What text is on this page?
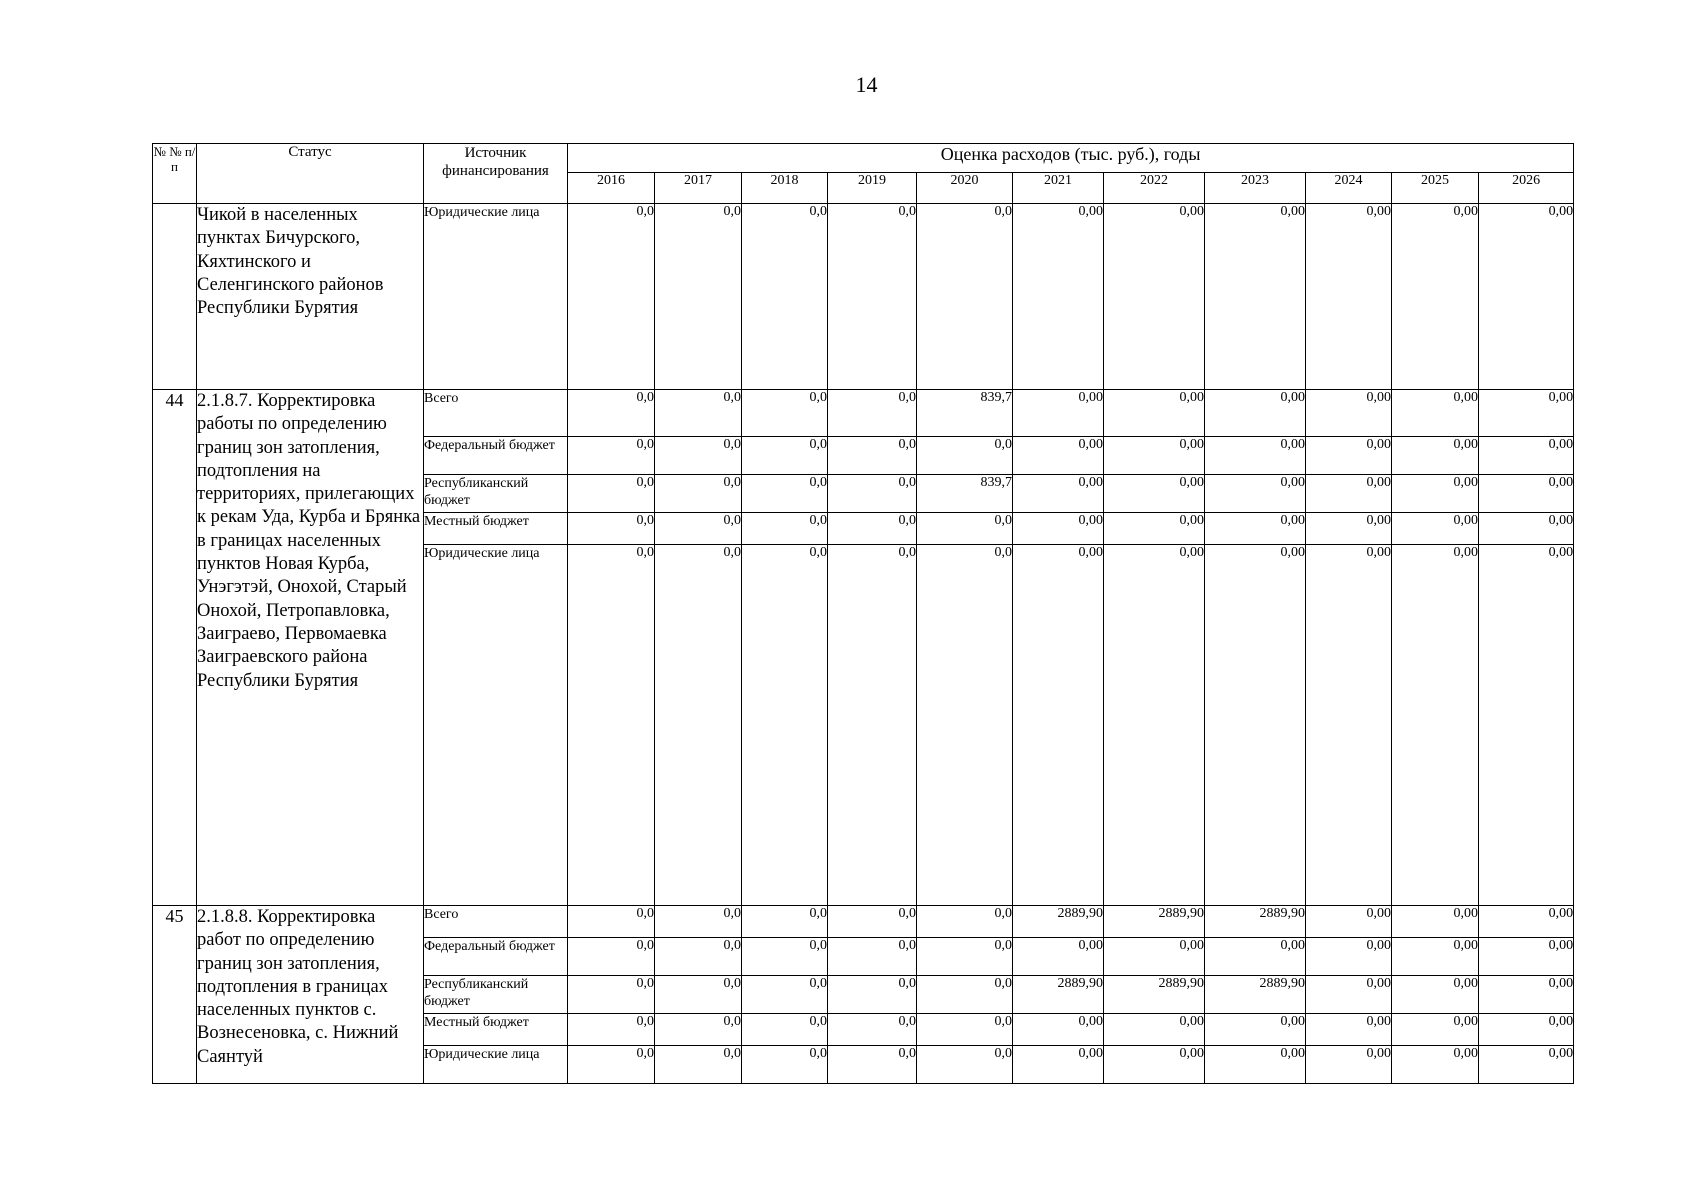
14
№ № п/п	Статус	Источник финансирования	Оценка расходов (тыс. руб.), годы										
			2016	2017	2018	2019	2020	2021	2022	2023	2024	2025	2026
	Чикой в населенных пунктах Бичурского, Кяхтинского и Селенгинского районов Республики Бурятия	Юридические лица	0,0	0,0	0,0	0,0	0,0	0,00	0,00	0,00	0,00	0,00	0,00
44	2.1.8.7. Корректировка работы по определению границ зон затопления, подтопления на территориях, прилегающих к рекам Уда, Курба и Брянка в границах населенных пунктов Новая Курба, Унэгэтэй, Онохой, Старый Онохой, Петропавловка, Заиграево, Первомаевка Заиграевского района Республики Бурятия	Всего	0,0	0,0	0,0	0,0	839,7	0,00	0,00	0,00	0,00	0,00	0,00
		Федеральный бюджет	0,0	0,0	0,0	0,0	0,0	0,00	0,00	0,00	0,00	0,00	0,00
		Республиканский бюджет	0,0	0,0	0,0	0,0	839,7	0,00	0,00	0,00	0,00	0,00	0,00
		Местный бюджет	0,0	0,0	0,0	0,0	0,0	0,00	0,00	0,00	0,00	0,00	0,00
		Юридические лица	0,0	0,0	0,0	0,0	0,0	0,00	0,00	0,00	0,00	0,00	0,00
45	2.1.8.8. Корректировка работ по определению границ зон затопления, подтопления в границах населенных пунктов с. Вознесеновка, с. Нижний Саянтуй	Всего	0,0	0,0	0,0	0,0	0,0	2889,90	2889,90	2889,90	0,00	0,00	0,00
		Федеральный бюджет	0,0	0,0	0,0	0,0	0,0	0,00	0,00	0,00	0,00	0,00	0,00
		Республиканский бюджет	0,0	0,0	0,0	0,0	0,0	2889,90	2889,90	2889,90	0,00	0,00	0,00
		Местный бюджет	0,0	0,0	0,0	0,0	0,0	0,00	0,00	0,00	0,00	0,00	0,00
		Юридические лица	0,0	0,0	0,0	0,0	0,0	0,00	0,00	0,00	0,00	0,00	0,00
